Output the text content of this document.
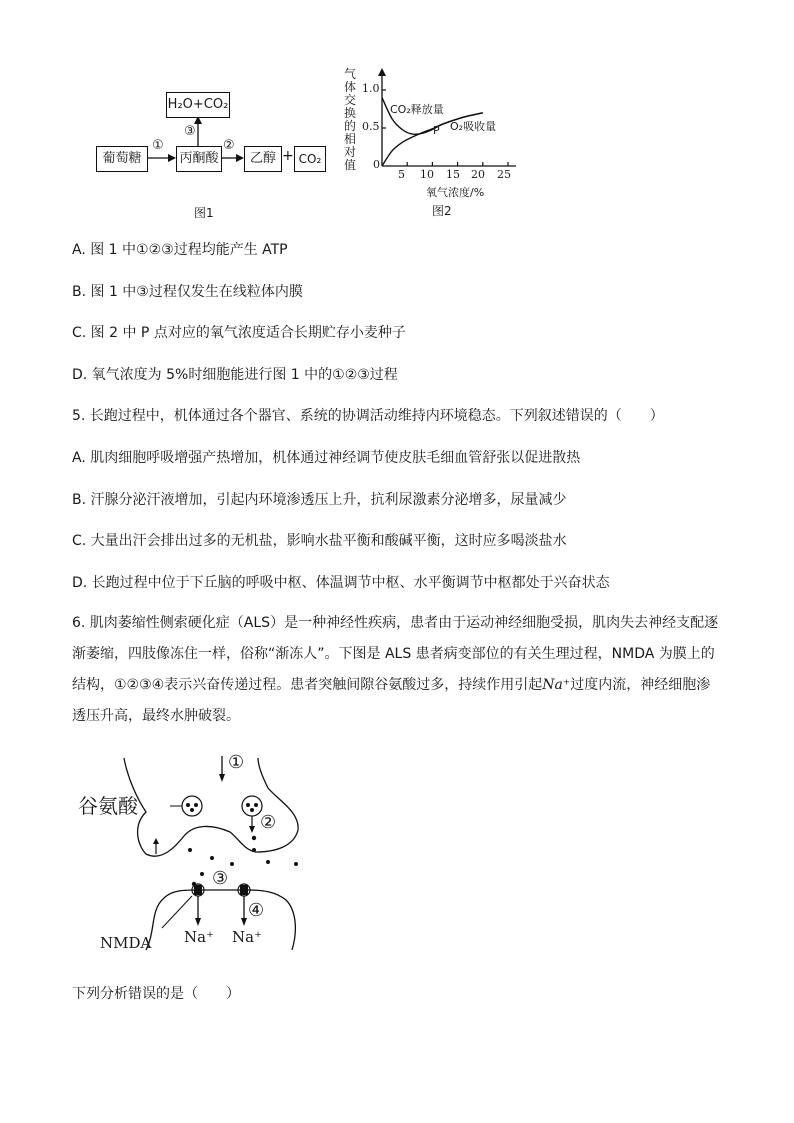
H₂O+CO₂
葡萄糖	丙酮酸	乙醇 + CO₂
①	②
③
图1
气体交换的相对值 0
0.5
1.0
5 10 15 20 25
CO₂释放量
O₂吸收量
P
氧气浓度/%
图2
A. 图 1 中①②③过程均能产生 ATP
B. 图 1 中③过程仅发生在线粒体内膜
C. 图 2 中 P 点对应的氧气浓度适合长期贮存小麦种子
D. 氧气浓度为 5%时细胞能进行图 1 中的①②③过程
5. 长跑过程中，机体通过各个器官、系统的协调活动维持内环境稳态。下列叙述错误的（　　）
A. 肌肉细胞呼吸增强产热增加，机体通过神经调节使皮肤毛细血管舒张以促进散热
B. 汗腺分泌汗液增加，引起内环境渗透压上升，抗利尿激素分泌增多，尿量减少
C. 大量出汗会排出过多的无机盐，影响水盐平衡和酸碱平衡，这时应多喝淡盐水
D. 长跑过程中位于下丘脑的呼吸中枢、体温调节中枢、水平衡调节中枢都处于兴奋状态
6. 肌肉萎缩性侧索硬化症（ALS）是一种神经性疾病，患者由于运动神经细胞受损，肌肉失去神经支配逐渐萎缩，四肢像冻住一样，俗称“渐冻人”。下图是 ALS 患者病变部位的有关生理过程，NMDA 为膜上的结构，①②③④表示兴奋传递过程。患者突触间隙谷氨酸过多，持续作用引起Na⁺过度内流，神经细胞渗透压升高，最终水肿破裂。
①
谷氨酸
②
③
④
NMDA Na⁺ Na⁺
下列分析错误的是（　　）
